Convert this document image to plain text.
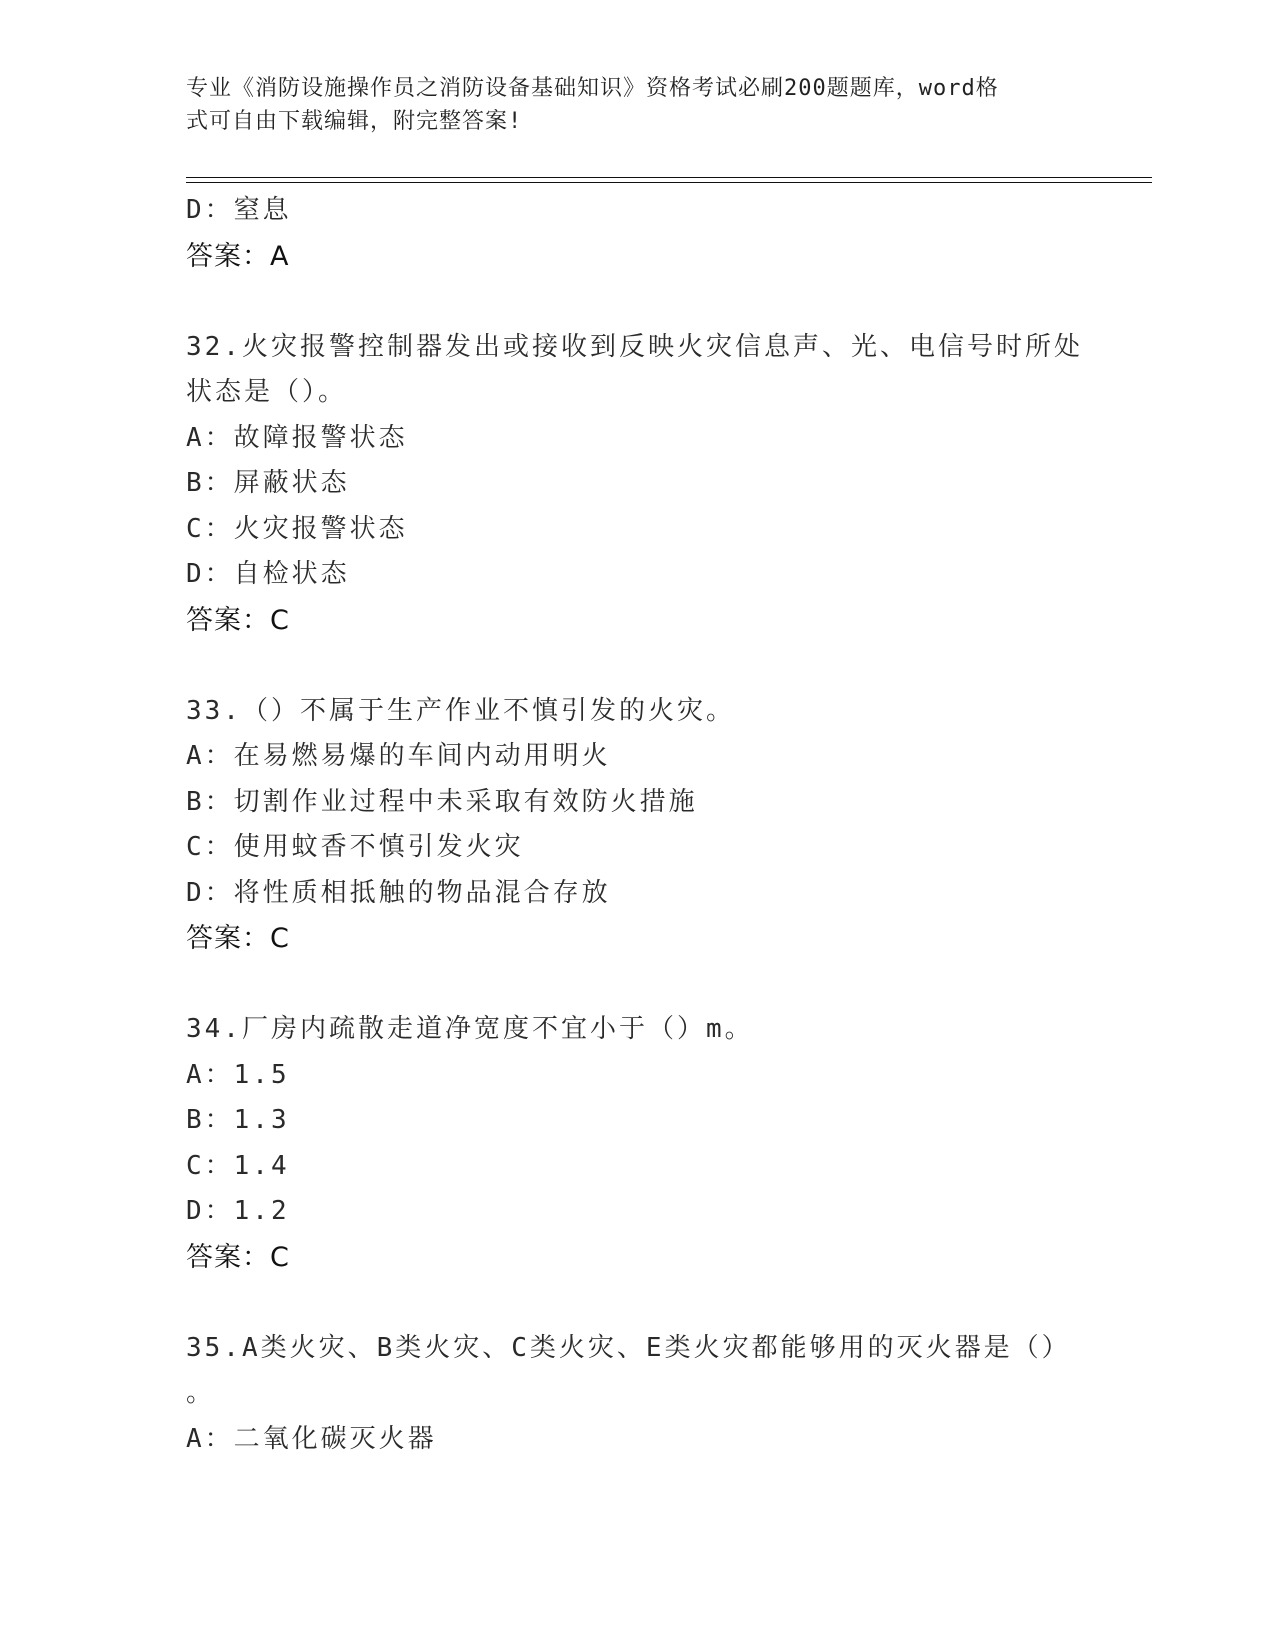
专业《消防设施操作员之消防设备基础知识》资格考试必刷200题题库，word格
式可自由下载编辑，附完整答案!
D：窒息
答案：A
32.火灾报警控制器发出或接收到反映火灾信息声、光、电信号时所处
状态是（）。
A：故障报警状态
B：屏蔽状态
C：火灾报警状态
D：自检状态
答案：C
33.（）不属于生产作业不慎引发的火灾。
A：在易燃易爆的车间内动用明火
B：切割作业过程中未采取有效防火措施
C：使用蚊香不慎引发火灾
D：将性质相抵触的物品混合存放
答案：C
34.厂房内疏散走道净宽度不宜小于（）m。
A：1.5
B：1.3
C：1.4
D：1.2
答案：C
35.A类火灾、B类火灾、C类火灾、E类火灾都能够用的灭火器是（）
。
A：二氧化碳灭火器
